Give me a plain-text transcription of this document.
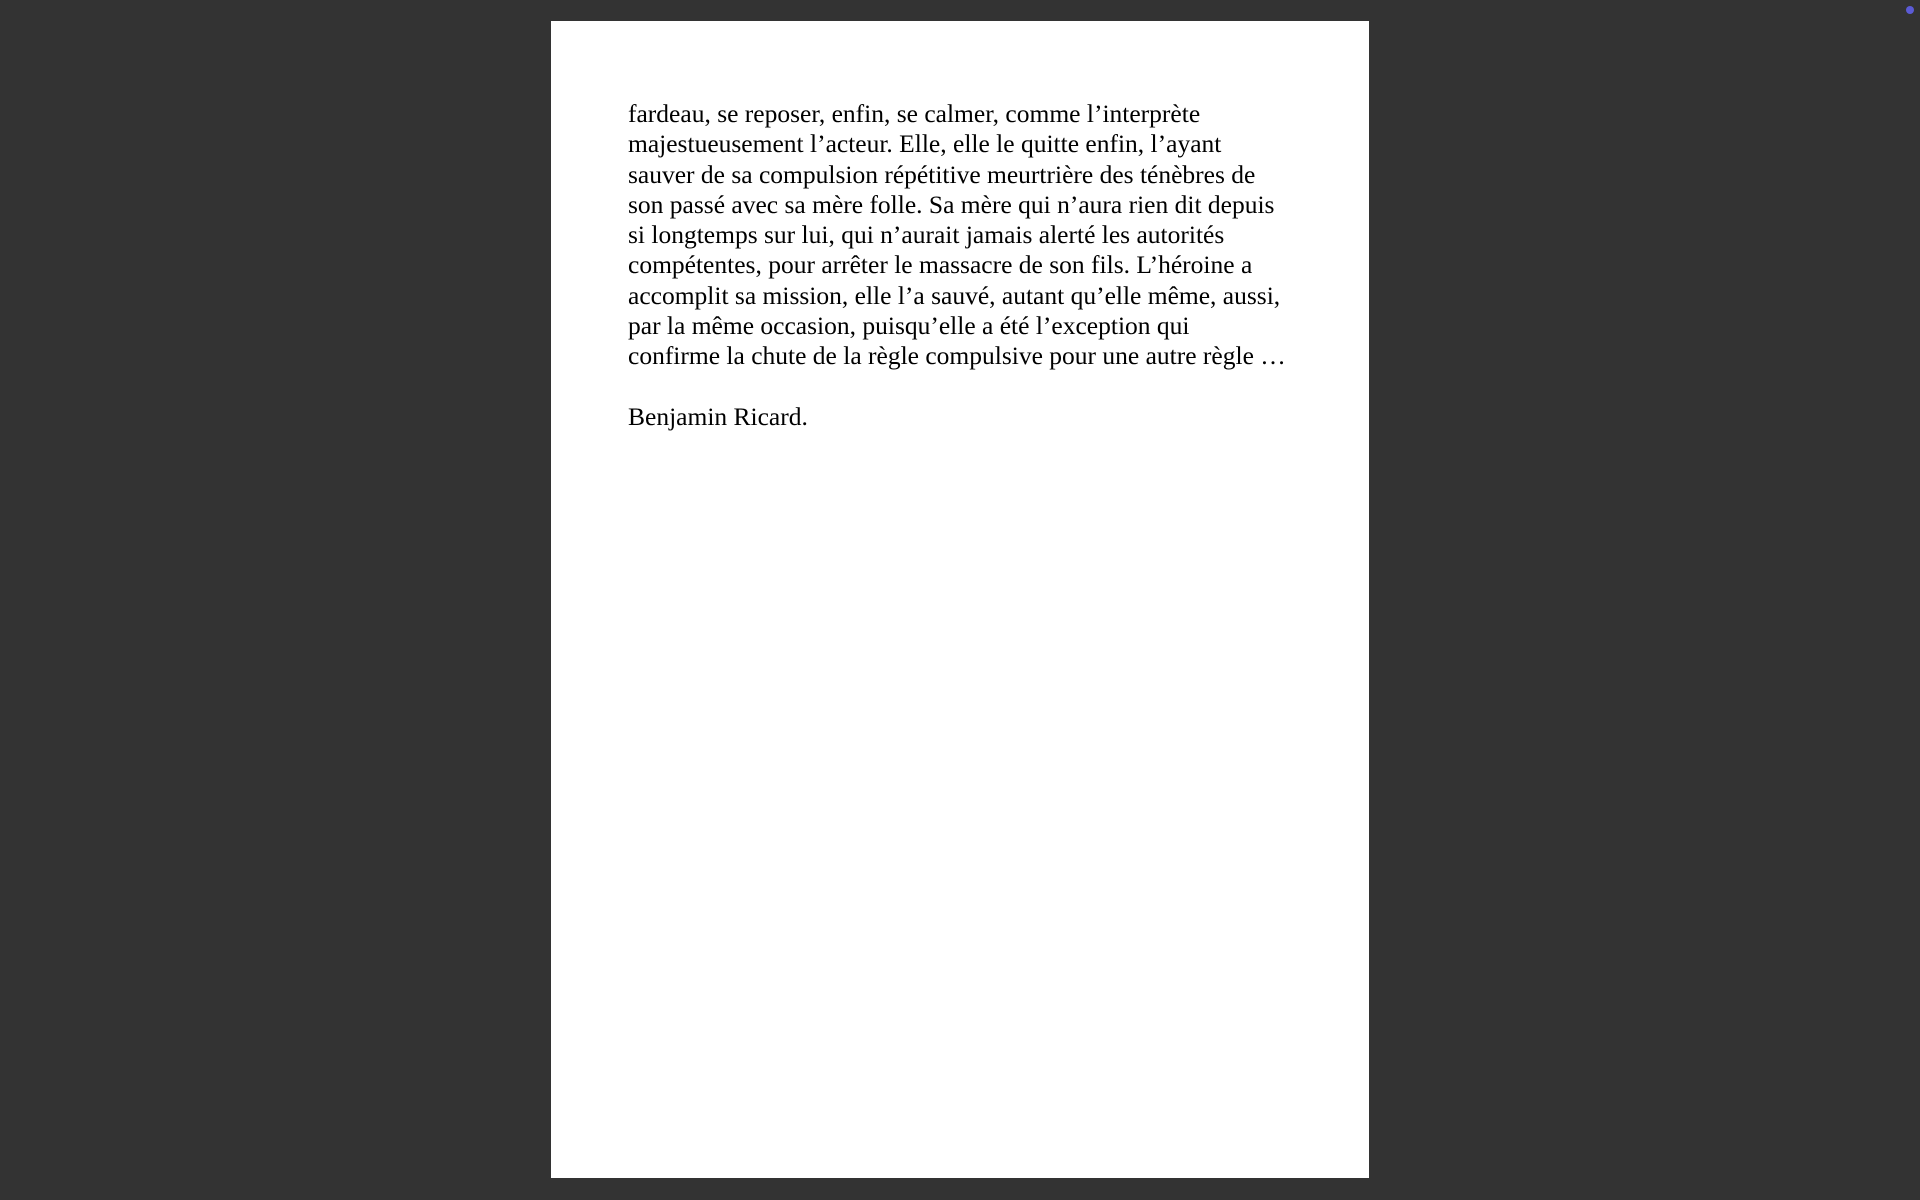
fardeau, se reposer, enfin, se calmer, comme l’interprète
majestueusement l’acteur. Elle, elle le quitte enfin, l’ayant
sauver de sa compulsion répétitive meurtrière des ténèbres de
son passé avec sa mère folle. Sa mère qui n’aura rien dit depuis
si longtemps sur lui, qui n’aurait jamais alerté les autorités
compétentes, pour arrêter le massacre de son fils. L’héroine a
accomplit sa mission, elle l’a sauvé, autant qu’elle même, aussi,
par la même occasion, puisqu’elle a été l’exception qui
confirme la chute de la règle compulsive pour une autre règle …
Benjamin Ricard.
